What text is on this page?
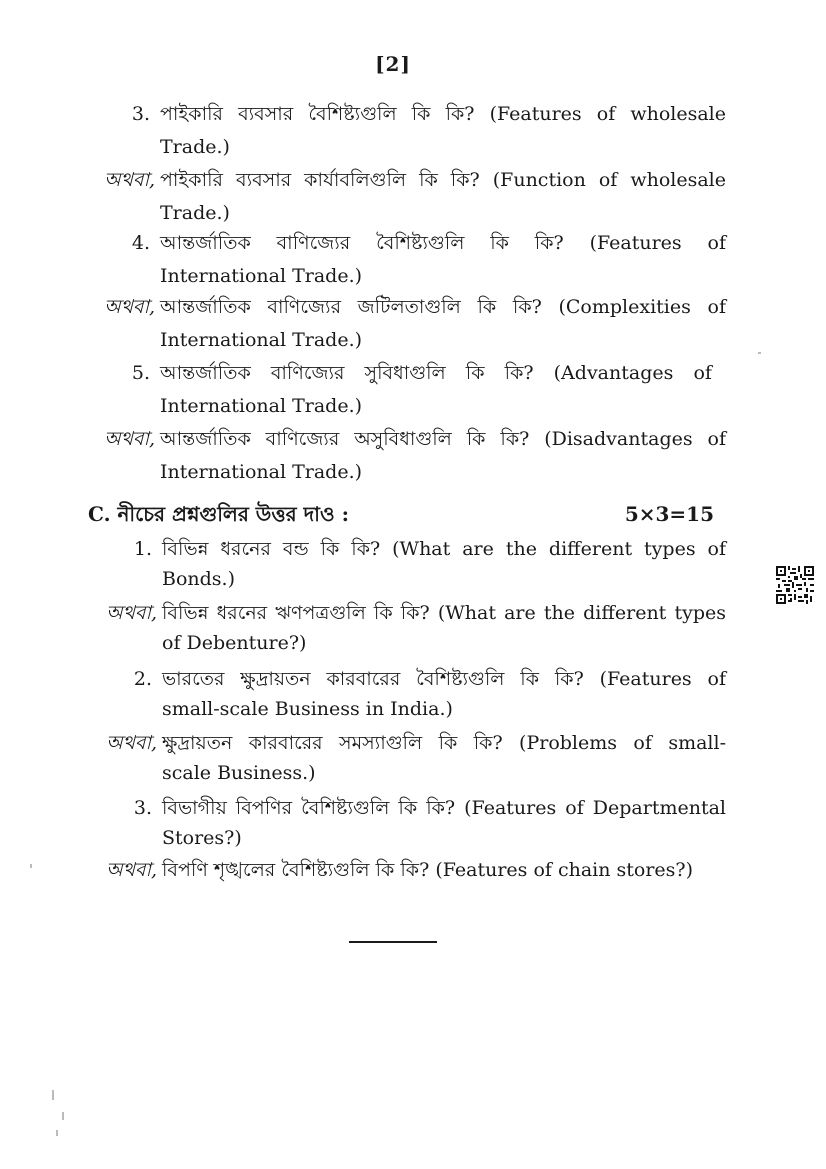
[2]
3. পাইকারি ব্যবসার বৈশিষ্ট্যগুলি কি কি? (Features of wholesale
Trade.)
অথবা, পাইকারি ব্যবসার কার্যাবলিগুলি কি কি? (Function of wholesale
Trade.)
4. আন্তর্জাতিক বাণিজ্যের বৈশিষ্ট্যগুলি কি কি? (Features of
International Trade.)
অথবা, আন্তর্জাতিক বাণিজ্যের জটিলতাগুলি কি কি? (Complexities of
International Trade.)
5. আন্তর্জাতিক বাণিজ্যের সুবিধাগুলি কি কি? (Advantages of
International Trade.)
অথবা, আন্তর্জাতিক বাণিজ্যের অসুবিধাগুলি কি কি? (Disadvantages of
International Trade.)
C. নীচের প্রশ্নগুলির উত্তর দাও :	5×3=15
1. বিভিন্ন ধরনের বন্ড কি কি? (What are the different types of
Bonds.)
অথবা, বিভিন্ন ধরনের ঋণপত্রগুলি কি কি? (What are the different types
of Debenture?)
2. ভারতের ক্ষুদ্রায়তন কারবারের বৈশিষ্ট্যগুলি কি কি? (Features of
small-scale Business in India.)
অথবা, ক্ষুদ্রায়তন কারবারের সমস্যাগুলি কি কি? (Problems of small-
scale Business.)
3. বিভাগীয় বিপণির বৈশিষ্ট্যগুলি কি কি? (Features of Departmental
Stores?)
অথবা, বিপণি শৃঙ্খলের বৈশিষ্ট্যগুলি কি কি? (Features of chain stores?)
